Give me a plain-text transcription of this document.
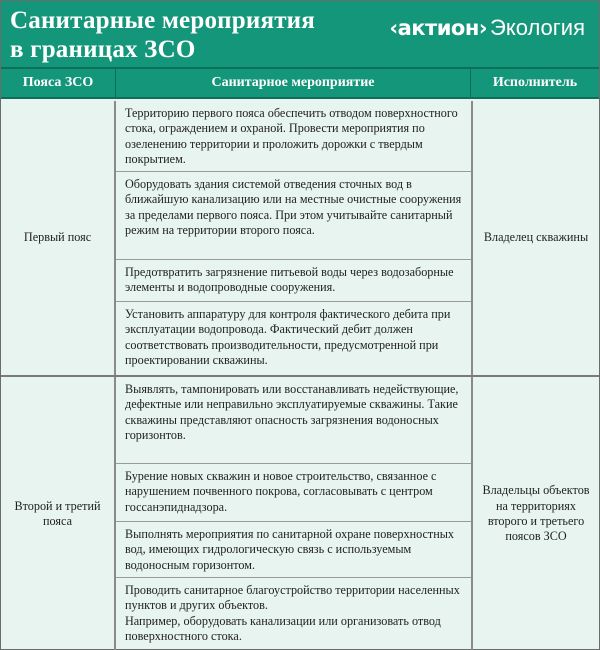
Санитарные мероприятия
в границах ЗСО
‹актион› Экология
Пояса ЗСО	Санитарное мероприятие	Исполнитель
Первый пояс
Территорию первого пояса обеспечить отводом поверхностного стока, ограждением и охраной. Провести мероприятия по озеленению территории и проложить дорожки с твердым покрытием.
Оборудовать здания системой отведения сточных вод в ближайшую канализацию или на местные очистные сооружения за пределами первого пояса. При этом учитывайте санитарный режим на территории второго пояса.
Предотвратить загрязнение питьевой воды через водозаборные элементы и водопроводные сооружения.
Установить аппаратуру для контроля фактического дебита при эксплуатации водопровода. Фактический дебит должен соответствовать производительности, предусмотренной при проектировании скважины.
Владелец скважины
Второй и третий пояса
Выявлять, тампонировать или восстанавливать недействующие, дефектные или неправильно эксплуатируемые скважины. Такие скважины представляют опасность загрязнения водоносных горизонтов.
Бурение новых скважин и новое строительство, связанное с нарушением почвенного покрова, согласовывать с центром госсанэпиднадзора.
Выполнять мероприятия по санитарной охране поверхностных вод, имеющих гидрологическую связь с используемым водоносным горизонтом.
Проводить санитарное благоустройство территории населенных пунктов и других объектов.
Например, оборудовать канализации или организовать отвод поверхностного стока.
Владельцы объектов на территориях второго и третьего поясов ЗСО
